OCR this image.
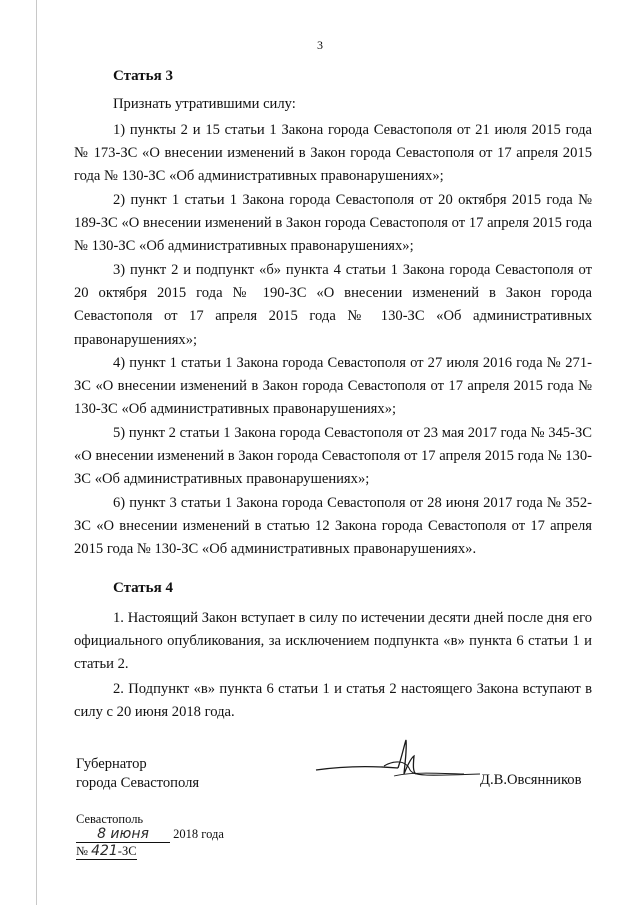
3
Статья 3
Признать утратившими силу:
1) пункты 2 и 15 статьи 1 Закона города Севастополя от 21 июля 2015 года № 173-ЗС «О внесении изменений в Закон города Севастополя от 17 апреля 2015 года № 130-ЗС «Об административных правонарушениях»;
2) пункт 1 статьи 1 Закона города Севастополя от 20 октября 2015 года № 189-ЗС «О внесении изменений в Закон города Севастополя от 17 апреля 2015 года № 130-ЗС «Об административных правонарушениях»;
3) пункт 2 и подпункт «б» пункта 4 статьи 1 Закона города Севастополя от 20 октября 2015 года № 190-ЗС «О внесении изменений в Закон города Севастополя от 17 апреля 2015 года № 130-ЗС «Об административных правонарушениях»;
4) пункт 1 статьи 1 Закона города Севастополя от 27 июля 2016 года № 271-ЗС «О внесении изменений в Закон города Севастополя от 17 апреля 2015 года № 130-ЗС «Об административных правонарушениях»;
5) пункт 2 статьи 1 Закона города Севастополя от 23 мая 2017 года № 345-ЗС «О внесении изменений в Закон города Севастополя от 17 апреля 2015 года № 130-ЗС «Об административных правонарушениях»;
6) пункт 3 статьи 1 Закона города Севастополя от 28 июня 2017 года № 352-ЗС «О внесении изменений в статью 12 Закона города Севастополя от 17 апреля 2015 года № 130-ЗС «Об административных правонарушениях».
Статья 4
1. Настоящий Закон вступает в силу по истечении десяти дней после дня его официального опубликования, за исключением подпункта «в» пункта 6 статьи 1 и статьи 2.
2. Подпункт «в» пункта 6 статьи 1 и статья 2 настоящего Закона вступают в силу с 20 июня 2018 года.
Губернатор
города Севастополя	Д.В.Овсянников
Севастополь
8 июня 2018 года
№ 421-ЗС
